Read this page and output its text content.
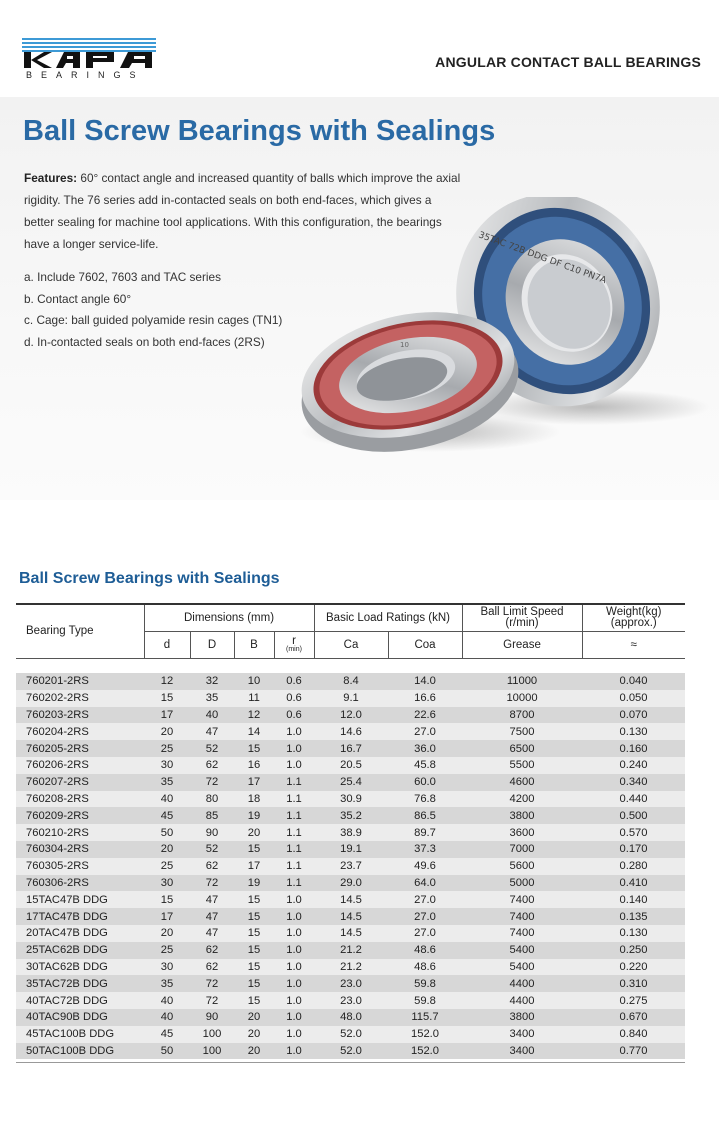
BEARINGS
ANGULAR CONTACT BALL BEARINGS
Ball Screw Bearings with Sealings
Features: 60° contact angle and increased quantity of balls which improve the axial rigidity. The 76 series add in-contacted seals on both end-faces, which gives a better sealing for machine tool applications. With this configuration, the bearings have a longer service-life.
a. Include 7602, 7603 and TAC series
b. Contact angle 60°
c. Cage: ball guided polyamide resin cages (TN1)
d. In-contacted seals on both end-faces (2RS)
35TAC 72B DDG DF C10 PN7A
10
Ball Screw Bearings with Sealings
Bearing Type	Dimensions (mm)				Basic Load Ratings (kN)		Ball Limit Speed
(r/min)	Weight(kg)
(approx.)
	d	D	B	r
(min)	Ca	Coa	Grease	≈

760201-2RS	12	32	10	0.6	8.4	14.0	11000	0.040
760202-2RS	15	35	11	0.6	9.1	16.6	10000	0.050
760203-2RS	17	40	12	0.6	12.0	22.6	8700	0.070
760204-2RS	20	47	14	1.0	14.6	27.0	7500	0.130
760205-2RS	25	52	15	1.0	16.7	36.0	6500	0.160
760206-2RS	30	62	16	1.0	20.5	45.8	5500	0.240
760207-2RS	35	72	17	1.1	25.4	60.0	4600	0.340
760208-2RS	40	80	18	1.1	30.9	76.8	4200	0.440
760209-2RS	45	85	19	1.1	35.2	86.5	3800	0.500
760210-2RS	50	90	20	1.1	38.9	89.7	3600	0.570
760304-2RS	20	52	15	1.1	19.1	37.3	7000	0.170
760305-2RS	25	62	17	1.1	23.7	49.6	5600	0.280
760306-2RS	30	72	19	1.1	29.0	64.0	5000	0.410
15TAC47B DDG	15	47	15	1.0	14.5	27.0	7400	0.140
17TAC47B DDG	17	47	15	1.0	14.5	27.0	7400	0.135
20TAC47B DDG	20	47	15	1.0	14.5	27.0	7400	0.130
25TAC62B DDG	25	62	15	1.0	21.2	48.6	5400	0.250
30TAC62B DDG	30	62	15	1.0	21.2	48.6	5400	0.220
35TAC72B DDG	35	72	15	1.0	23.0	59.8	4400	0.310
40TAC72B DDG	40	72	15	1.0	23.0	59.8	4400	0.275
40TAC90B DDG	40	90	20	1.0	48.0	115.7	3800	0.670
45TAC100B DDG	45	100	20	1.0	52.0	152.0	3400	0.840
50TAC100B DDG	50	100	20	1.0	52.0	152.0	3400	0.770
